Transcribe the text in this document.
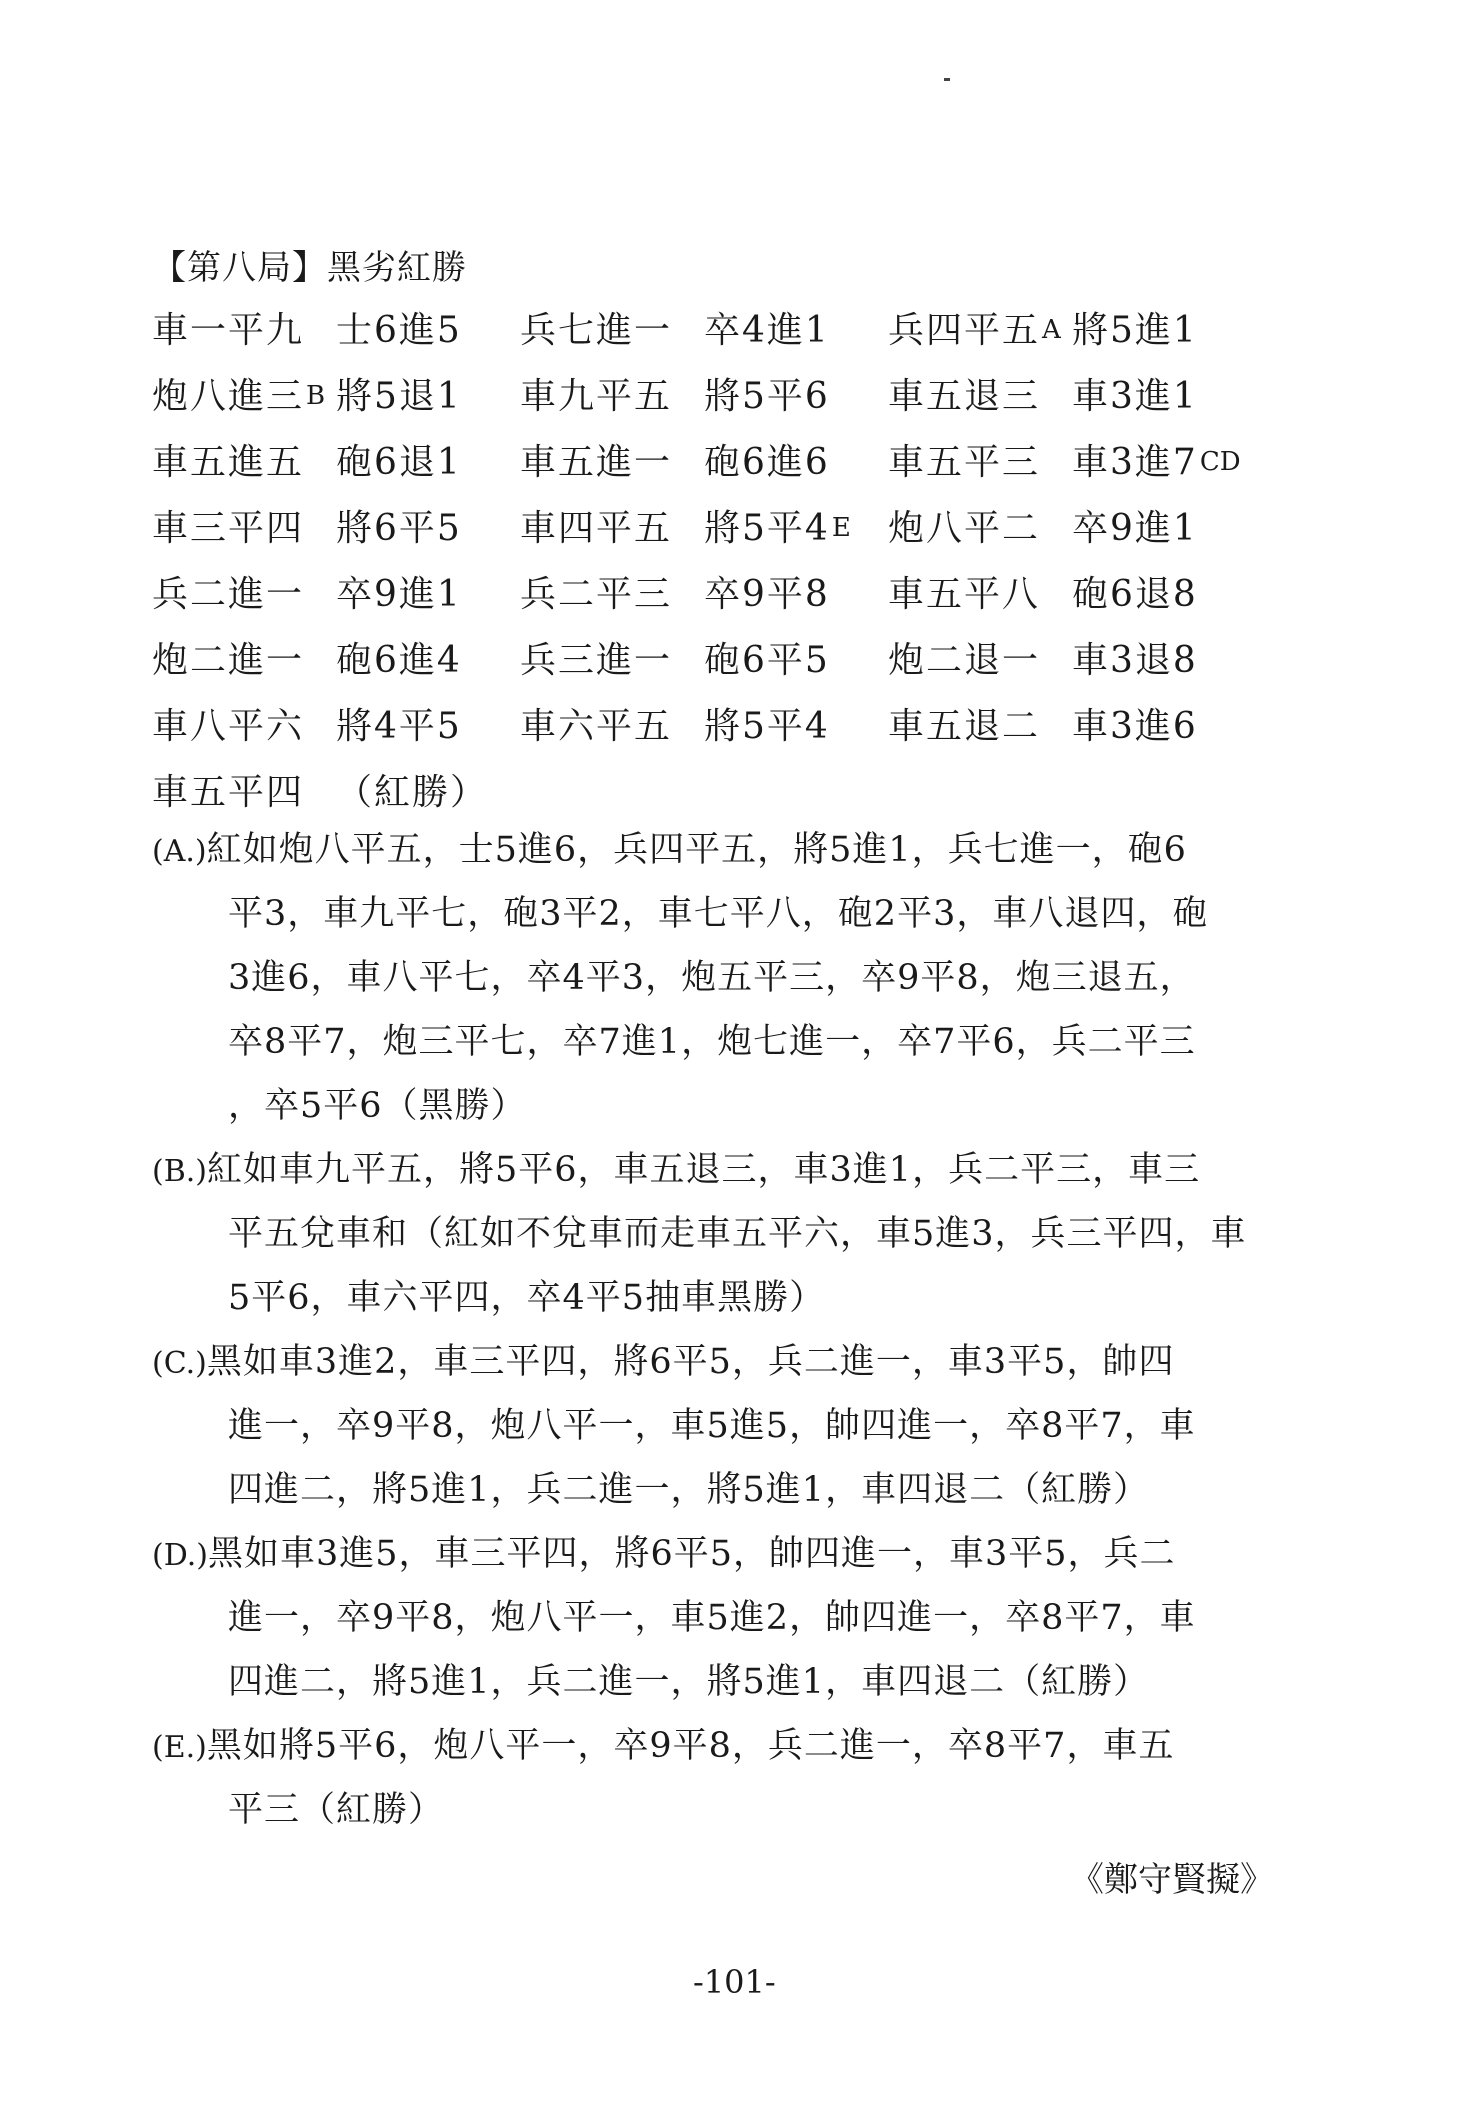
【第八局】黑劣紅勝
車一平九 士6進5 兵七進一 卒4進1 兵四平五A 將5進1
炮八進三B 將5退1 車九平五 將5平6 車五退三 車3進1
車五進五 砲6退1 車五進一 砲6進6 車五平三 車3進7CD
車三平四 將6平5 車四平五 將5平4E 炮八平二 卒9進1
兵二進一 卒9進1 兵二平三 卒9平8 車五平八 砲6退8
炮二進一 砲6進4 兵三進一 砲6平5 炮二退一 車3退8
車八平六 將4平5 車六平五 將5平4 車五退二 車3進6
車五平四 （紅勝）
(A.)紅如炮八平五，士5進6，兵四平五，將5進1，兵七進一，砲6
平3，車九平七，砲3平2，車七平八，砲2平3，車八退四，砲
3進6，車八平七，卒4平3，炮五平三，卒9平8，炮三退五，
卒8平7，炮三平七，卒7進1，炮七進一，卒7平6，兵二平三
，卒5平6（黑勝）
(B.)紅如車九平五，將5平6，車五退三，車3進1，兵二平三，車三
平五兌車和（紅如不兌車而走車五平六，車5進3，兵三平四，車
5平6，車六平四，卒4平5抽車黑勝）
(C.)黑如車3進2，車三平四，將6平5，兵二進一，車3平5，帥四
進一，卒9平8，炮八平一，車5進5，帥四進一，卒8平7，車
四進二，將5進1，兵二進一，將5進1，車四退二（紅勝）
(D.)黑如車3進5，車三平四，將6平5，帥四進一，車3平5，兵二
進一，卒9平8，炮八平一，車5進2，帥四進一，卒8平7，車
四進二，將5進1，兵二進一，將5進1，車四退二（紅勝）
(E.)黑如將5平6，炮八平一，卒9平8，兵二進一，卒8平7，車五
平三（紅勝）
《鄭守賢擬》
-101-
